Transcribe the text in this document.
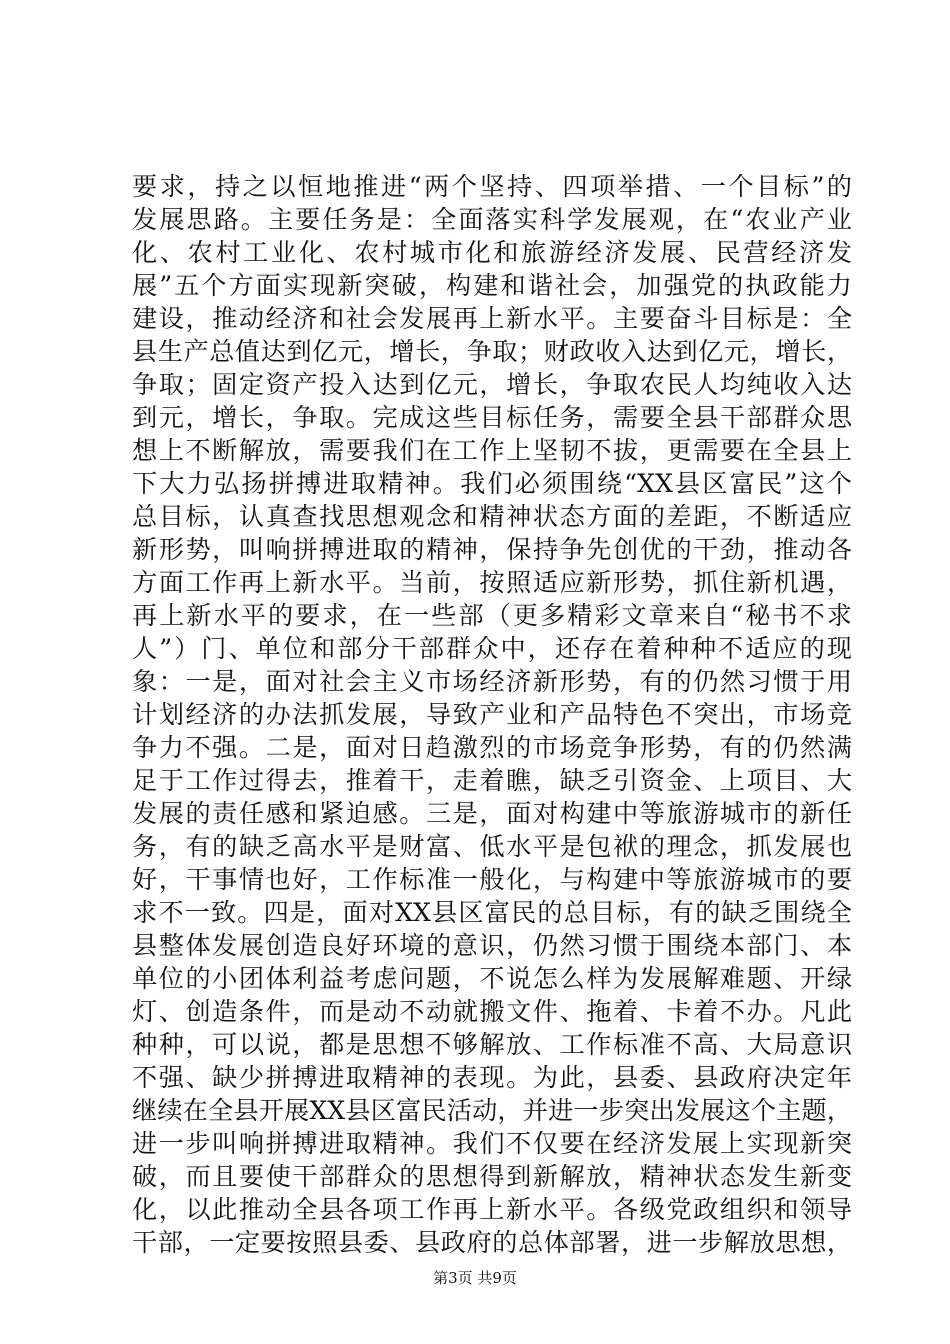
要求，持之以恒地推进“两个坚持、四项举措、一个目标”的
发展思路。主要任务是：全面落实科学发展观，在“农业产业
化、农村工业化、农村城市化和旅游经济发展、民营经济发
展”五个方面实现新突破，构建和谐社会，加强党的执政能力
建设，推动经济和社会发展再上新水平。主要奋斗目标是：全
县生产总值达到亿元，增长，争取；财政收入达到亿元，增长，
争取；固定资产投入达到亿元，增长，争取农民人均纯收入达
到元，增长，争取。完成这些目标任务，需要全县干部群众思
想上不断解放，需要我们在工作上坚韧不拔，更需要在全县上
下大力弘扬拼搏进取精神。我们必须围绕“XX县区富民”这个
总目标，认真查找思想观念和精神状态方面的差距，不断适应
新形势，叫响拼搏进取的精神，保持争先创优的干劲，推动各
方面工作再上新水平。当前，按照适应新形势，抓住新机遇，
再上新水平的要求，在一些部（更多精彩文章来自“秘书不求
人”）门、单位和部分干部群众中，还存在着种种不适应的现
象：一是，面对社会主义市场经济新形势，有的仍然习惯于用
计划经济的办法抓发展，导致产业和产品特色不突出，市场竞
争力不强。二是，面对日趋激烈的市场竞争形势，有的仍然满
足于工作过得去，推着干，走着瞧，缺乏引资金、上项目、大
发展的责任感和紧迫感。三是，面对构建中等旅游城市的新任
务，有的缺乏高水平是财富、低水平是包袱的理念，抓发展也
好，干事情也好，工作标准一般化，与构建中等旅游城市的要
求不一致。四是，面对XX县区富民的总目标，有的缺乏围绕全
县整体发展创造良好环境的意识，仍然习惯于围绕本部门、本
单位的小团体利益考虑问题，不说怎么样为发展解难题、开绿
灯、创造条件，而是动不动就搬文件、拖着、卡着不办。凡此
种种，可以说，都是思想不够解放、工作标准不高、大局意识
不强、缺少拼搏进取精神的表现。为此，县委、县政府决定年
继续在全县开展XX县区富民活动，并进一步突出发展这个主题，
进一步叫响拼搏进取精神。我们不仅要在经济发展上实现新突
破，而且要使干部群众的思想得到新解放，精神状态发生新变
化，以此推动全县各项工作再上新水平。各级党政组织和领导
干部，一定要按照县委、县政府的总体部署，进一步解放思想，
第3页 共9页
